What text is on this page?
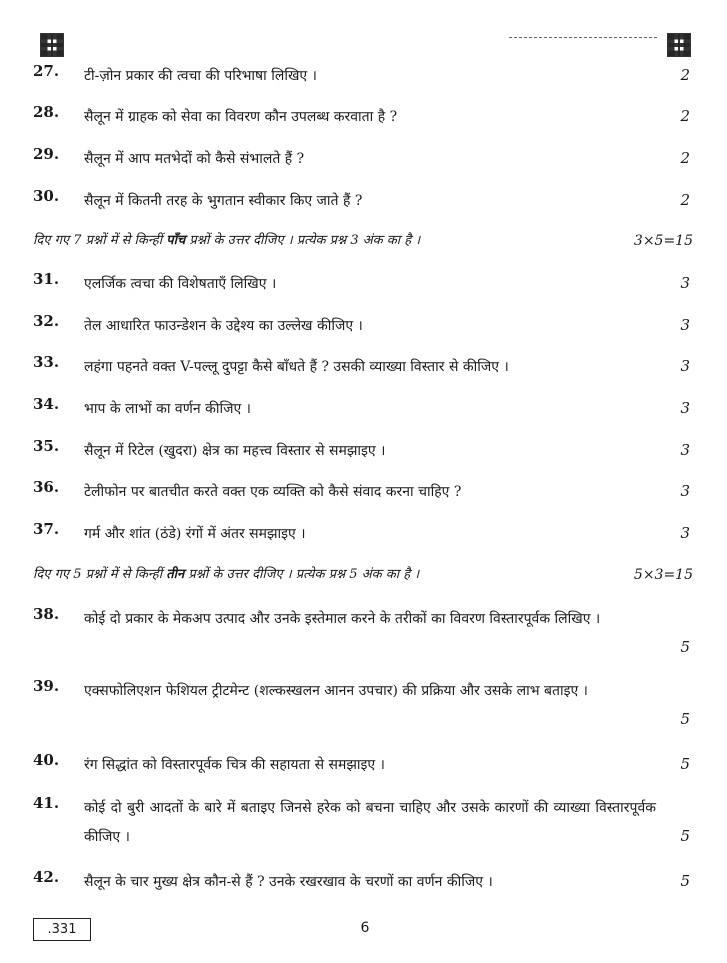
27. टी-ज़ोन प्रकार की त्वचा की परिभाषा लिखिए ।	2
28. सैलून में ग्राहक को सेवा का विवरण कौन उपलब्ध करवाता है ?	2
29. सैलून में आप मतभेदों को कैसे संभालते हैं ?	2
30. सैलून में कितनी तरह के भुगतान स्वीकार किए जाते हैं ?	2
दिए गए 7 प्रश्नों में से किन्हीं पाँच प्रश्नों के उत्तर दीजिए । प्रत्येक प्रश्न 3 अंक का है ।	3×5=15
31. एलर्जिक त्वचा की विशेषताएँ लिखिए ।	3
32. तेल आधारित फाउन्डेशन के उद्देश्य का उल्लेख कीजिए ।	3
33. लहंगा पहनते वक्त V-पल्लू दुपट्टा कैसे बाँधते हैं ? उसकी व्याख्या विस्तार से कीजिए ।	3
34. भाप के लाभों का वर्णन कीजिए ।	3
35. सैलून में रिटेल (खुदरा) क्षेत्र का महत्त्व विस्तार से समझाइए ।	3
36. टेलीफोन पर बातचीत करते वक्त एक व्यक्ति को कैसे संवाद करना चाहिए ?	3
37. गर्म और शांत (ठंडे) रंगों में अंतर समझाइए ।	3
दिए गए 5 प्रश्नों में से किन्हीं तीन प्रश्नों के उत्तर दीजिए । प्रत्येक प्रश्न 5 अंक का है ।	5×3=15
38. कोई दो प्रकार के मेकअप उत्पाद और उनके इस्तेमाल करने के तरीकों का विवरण विस्तारपूर्वक लिखिए ।
5
39. एक्सफोलिएशन फेशियल ट्रीटमेन्ट (शल्कस्खलन आनन उपचार) की प्रक्रिया और उसके लाभ बताइए ।
5
40. रंग सिद्धांत को विस्तारपूर्वक चित्र की सहायता से समझाइए ।	5
41. कोई दो बुरी आदतों के बारे में बताइए जिनसे हरेक को बचना चाहिए और उसके कारणों की व्याख्या विस्तारपूर्वक कीजिए ।	5
42. सैलून के चार मुख्य क्षेत्र कौन-से हैं ? उनके रखरखाव के चरणों का वर्णन कीजिए ।	5
.331	6
